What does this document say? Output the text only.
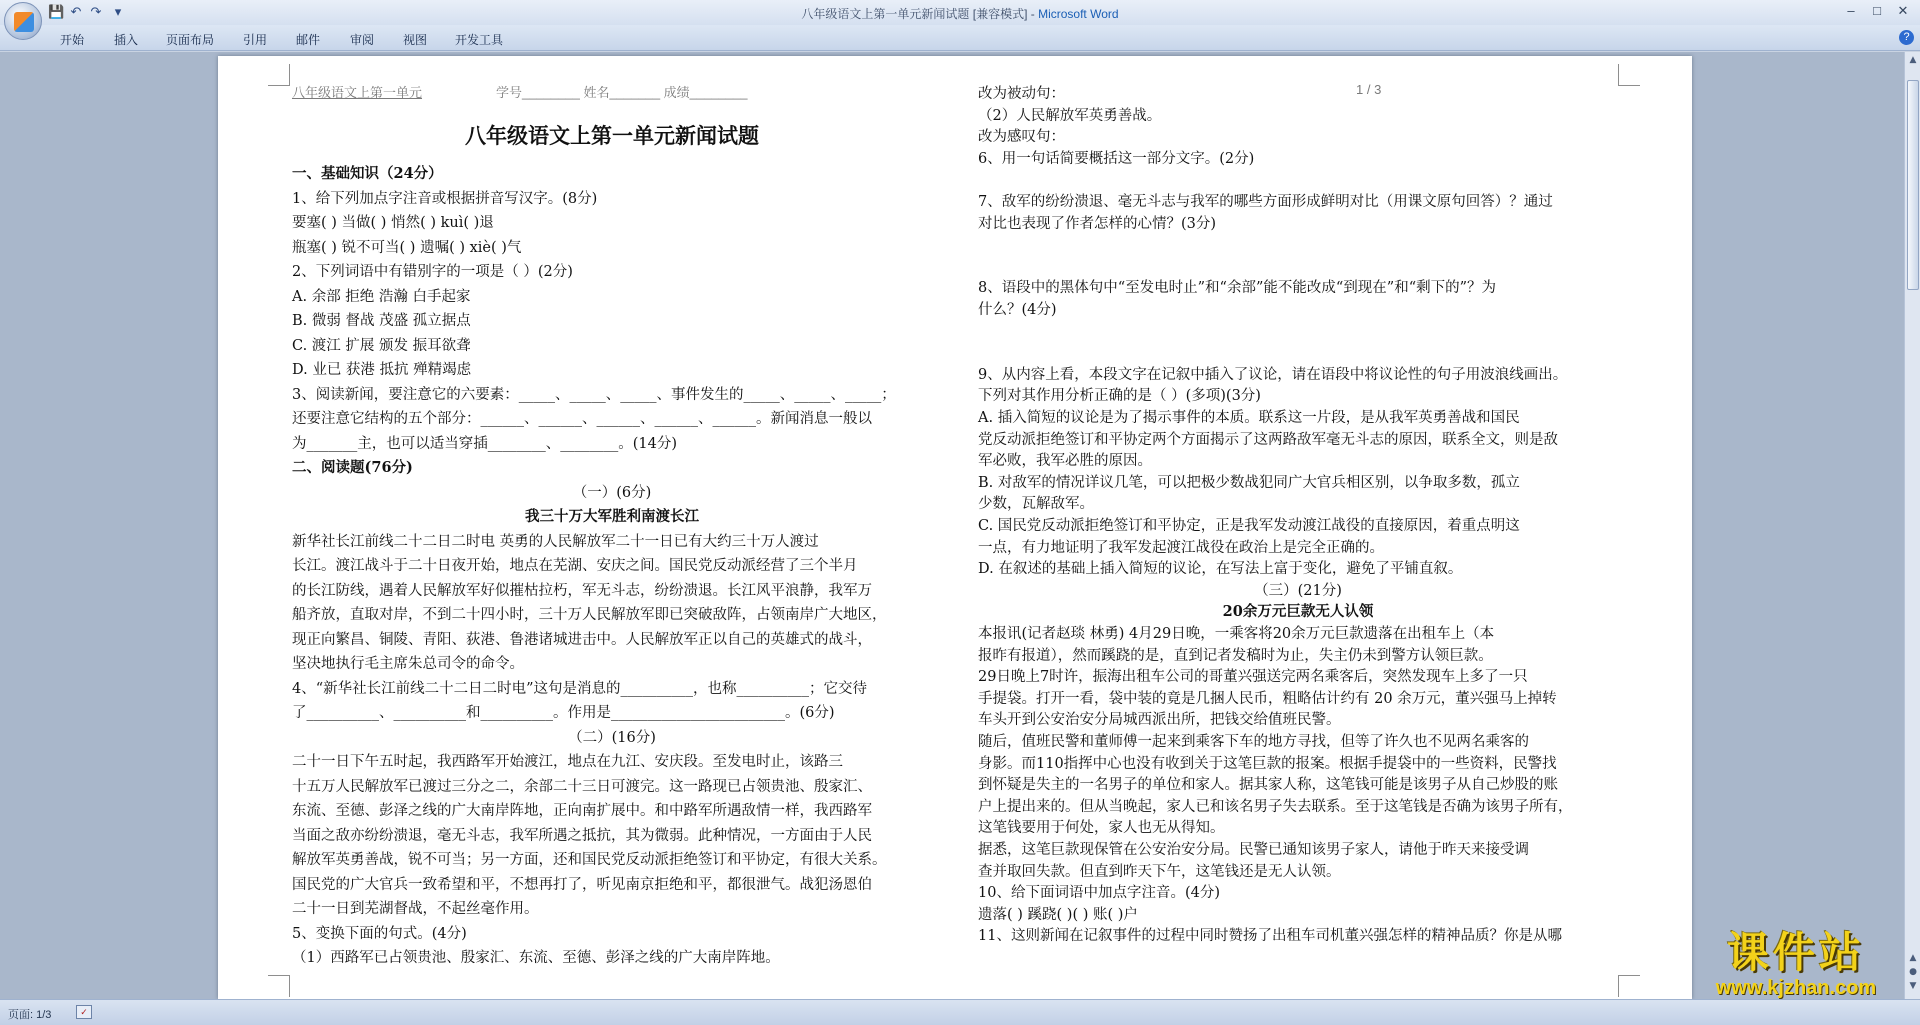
💾 ↶ ↷	▾	八年级语文上第一单元新闻试题 [兼容模式] - Microsoft Word	–	□	✕
开始 插入 页面布局 引用 邮件 审阅 视图 开发工具	?
八年级语文上第一单元	学号________ 姓名_______ 成绩________	1 / 3
八年级语文上第一单元新闻试题
一、基础知识（24分）
1、给下列加点字注音或根据拼音写汉字。(8分)
要塞( ) 当做( ) 悄然( ) kuì( )退
瓶塞( ) 锐不可当( ) 遗嘱( ) xiè( )气
2、下列词语中有错别字的一项是（ ）(2分)
A. 余部 拒绝 浩瀚 白手起家
B. 微弱 督战 茂盛 孤立据点
C. 渡江 扩展 颁发 振耳欲聋
D. 业已 获港 抵抗 殚精竭虑
3、阅读新闻，要注意它的六要素：_____、_____、_____、事件发生的_____、_____、_____；
还要注意它结构的五个部分：______、______、______、______、______。新闻消息一般以
为_______主，也可以适当穿插________、________。(14分)
二、阅读题(76分)
（一）(6分)
我三十万大军胜利南渡长江
新华社长江前线二十二日二时电 英勇的人民解放军二十一日已有大约三十万人渡过
长江。渡江战斗于二十日夜开始，地点在芜湖、安庆之间。国民党反动派经营了三个半月
的长江防线，遇着人民解放军好似摧枯拉朽，军无斗志，纷纷溃退。长江风平浪静，我军万
船齐放，直取对岸，不到二十四小时，三十万人民解放军即已突破敌阵，占领南岸广大地区，
现正向繁昌、铜陵、青阳、荻港、鲁港诸城进击中。人民解放军正以自己的英雄式的战斗，
坚决地执行毛主席朱总司令的命令。
4、“新华社长江前线二十二日二时电”这句是消息的__________，也称__________；它交待
了__________、__________和__________。作用是________________________。(6分)
（二）(16分)
二十一日下午五时起，我西路军开始渡江，地点在九江、安庆段。至发电时止，该路三
十五万人民解放军已渡过三分之二，余部二十三日可渡完。这一路现已占领贵池、殷家汇、
东流、至德、彭泽之线的广大南岸阵地，正向南扩展中。和中路军所遇敌情一样，我西路军
当面之敌亦纷纷溃退，毫无斗志，我军所遇之抵抗，其为微弱。此种情况，一方面由于人民
解放军英勇善战，锐不可当；另一方面，还和国民党反动派拒绝签订和平协定，有很大关系。
国民党的广大官兵一致希望和平，不想再打了，听见南京拒绝和平，都很泄气。战犯汤恩伯
二十一日到芜湖督战，不起丝毫作用。
5、变换下面的句式。(4分)
（1）西路军已占领贵池、殷家汇、东流、至德、彭泽之线的广大南岸阵地。
改为被动句：
（2）人民解放军英勇善战。
改为感叹句：
6、用一句话简要概括这一部分文字。(2分)
7、敌军的纷纷溃退、毫无斗志与我军的哪些方面形成鲜明对比（用课文原句回答）？通过
对比也表现了作者怎样的心情？(3分)
8、语段中的黑体句中“至发电时止”和“余部”能不能改成“到现在”和“剩下的”？为
什么？(4分)
9、从内容上看，本段文字在记叙中插入了议论，请在语段中将议论性的句子用波浪线画出。
下列对其作用分析正确的是（ ）(多项)(3分)
A. 插入简短的议论是为了揭示事件的本质。联系这一片段，是从我军英勇善战和国民
党反动派拒绝签订和平协定两个方面揭示了这两路敌军毫无斗志的原因，联系全文，则是敌
军必败，我军必胜的原因。
B. 对敌军的情况详议几笔，可以把极少数战犯同广大官兵相区别，以争取多数，孤立
少数，瓦解敌军。
C. 国民党反动派拒绝签订和平协定，正是我军发动渡江战役的直接原因，着重点明这
一点，有力地证明了我军发起渡江战役在政治上是完全正确的。
D. 在叙述的基础上插入简短的议论，在写法上富于变化，避免了平铺直叙。
（三）(21分)
20余万元巨款无人认领
本报讯(记者赵琰 林勇) 4月29日晚，一乘客将20余万元巨款遗落在出租车上（本
报昨有报道），然而蹊跷的是，直到记者发稿时为止，失主仍未到警方认领巨款。
29日晚上7时许，振海出租车公司的哥董兴强送完两名乘客后，突然发现车上多了一只
手提袋。打开一看，袋中装的竟是几捆人民币，粗略估计约有 20 余万元，董兴强马上掉转
车头开到公安治安分局城西派出所，把钱交给值班民警。
随后，值班民警和董师傅一起来到乘客下车的地方寻找，但等了许久也不见两名乘客的
身影。而110指挥中心也没有收到关于这笔巨款的报案。根据手提袋中的一些资料，民警找
到怀疑是失主的一名男子的单位和家人。据其家人称，这笔钱可能是该男子从自己炒股的账
户上提出来的。但从当晚起，家人已和该名男子失去联系。至于这笔钱是否确为该男子所有，
这笔钱要用于何处，家人也无从得知。
据悉，这笔巨款现保管在公安治安分局。民警已通知该男子家人，请他于昨天来接受调
查并取回失款。但直到昨天下午，这笔钱还是无人认领。
10、给下面词语中加点字注音。(4分)
遗落( ) 蹊跷( )( ) 账( )户
11、这则新闻在记叙事件的过程中同时赞扬了出租车司机董兴强怎样的精神品质？你是从哪
▲
▲
●
▼
页面: 1/3	✓
课件站
www.kjzhan.com
